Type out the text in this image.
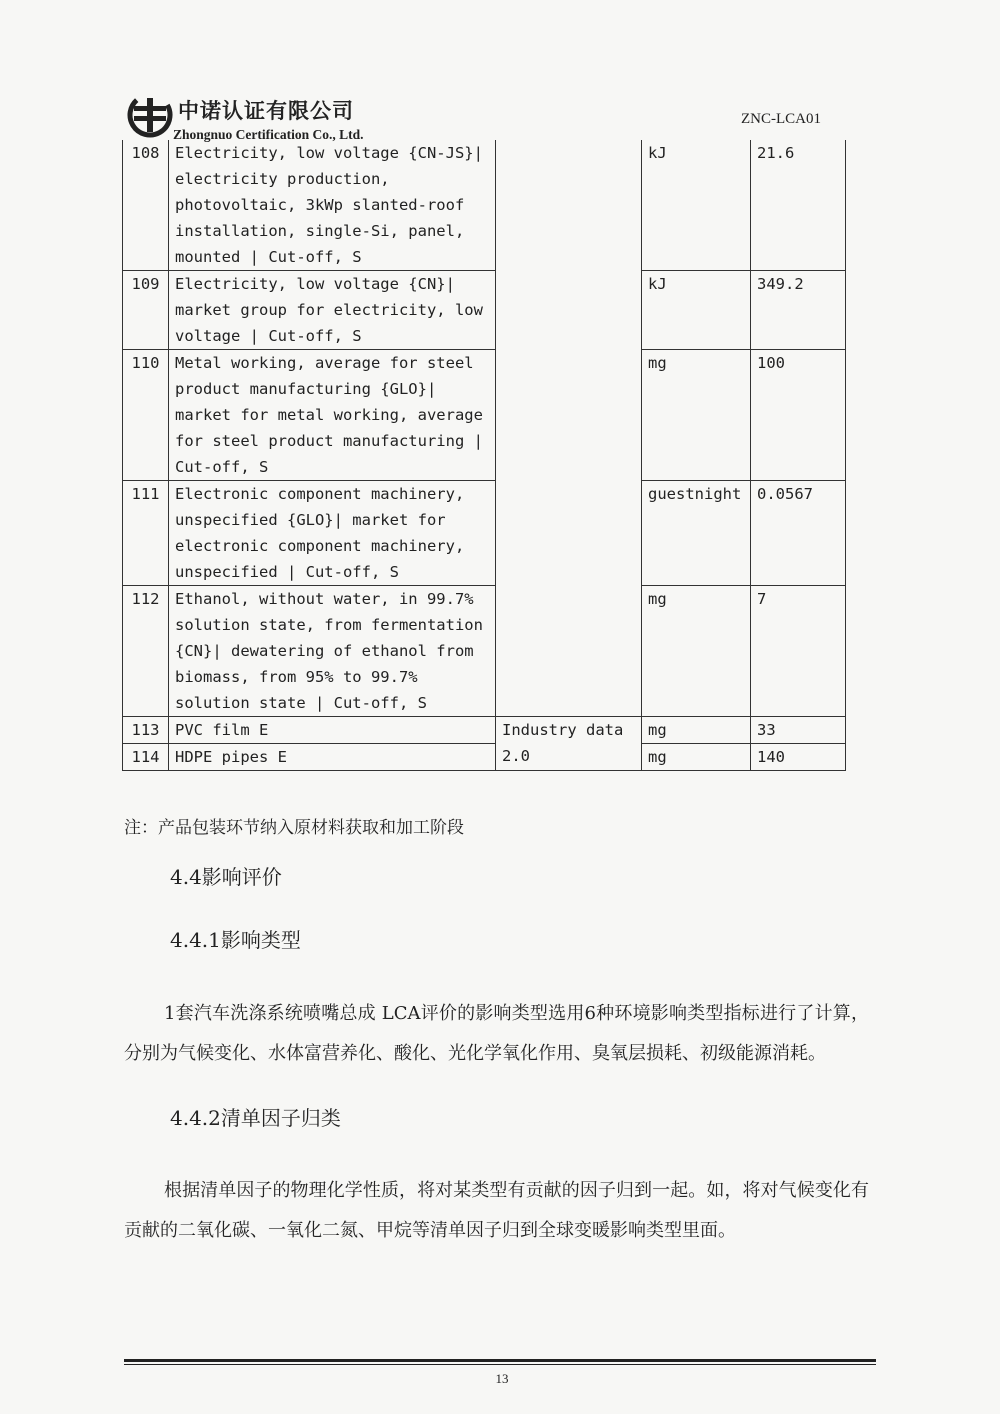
中诺认证有限公司
Zhongnuo Certification Co., Ltd.
ZNC-LCA01
108	Electricity, low voltage {CN-JS}| electricity production, photovoltaic, 3kWp slanted-roof installation, single-Si, panel, mounted | Cut-off, S		kJ	21.6
109	Electricity, low voltage {CN}| market group for electricity, low voltage | Cut-off, S		kJ	349.2
110	Metal working, average for steel product manufacturing {GLO}| market for metal working, average for steel product manufacturing | Cut-off, S		mg	100
111	Electronic component machinery, unspecified {GLO}| market for electronic component machinery, unspecified | Cut-off, S		guestnight	0.0567
112	Ethanol, without water, in 99.7% solution state, from fermentation {CN}| dewatering of ethanol from biomass, from 95% to 99.7% solution state | Cut-off, S		mg	7
113	PVC film E	Industry data 2.0	mg	33
114	HDPE pipes E		mg	140
注：产品包装环节纳入原材料获取和加工阶段
4.4影响评价
4.4.1影响类型

1套汽车洗涤系统喷嘴总成 LCA评价的影响类型选用6种环境影响类型指标进行了计算，分别为气候变化、水体富营养化、酸化、光化学氧化作用、臭氧层损耗、初级能源消耗。

4.4.2清单因子归类

根据清单因子的物理化学性质，将对某类型有贡献的因子归到一起。如，将对气候变化有贡献的二氧化碳、一氧化二氮、甲烷等清单因子归到全球变暖影响类型里面。

13
